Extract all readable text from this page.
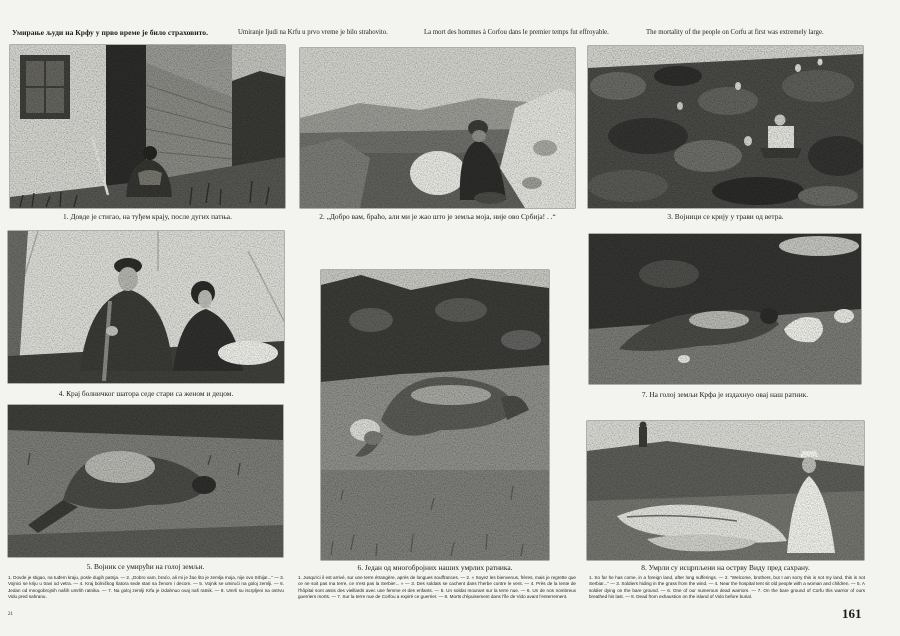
Умирање људи на Крфу у прво време је било страховито.	Umiranje ljudi na Krfu u prvo vreme je bilo strahovito.	La mort des hommes à Corfou dans le premier temps fut effroyable.	The mortality of the people on Corfu at first was extremely large.
1. Довде је стигао, на туђем крају, после дугих патња.	2. „Добро вам, браћо, али ми је жао што је земља моја, није ово Србија! . .“	3. Војници се крију у трави од ветра.
4. Крај болничког шатора седе стари са женом и децом.
5. Војник се умирући на голој земљи.	6. Један од многобројних наших умрлих ратника.
7. На голој земљи Крфа је издахнуо овај наш ратник.
8. Умрли су исцрпљени на острву Виду пред сахрану.
1. Dovde je stigao, na tuđem kraju, posle dugih patnja. — 2. „Dobro vam, braćo, ali mi je žao što je zemlja moja, nije ovo Srbija!...“ — 3. Vojnici se kriju u travi od vetra. — 4. Kraj bolničkog šatora sede stari sa ženom i decom. — 5. Vojnik se umirući na goloj zemlji. — 6. Jedan od mnogobrojnih naših umrlih ratnika. — 7. Na goloj zemlji Krfa je izdahnuo ovaj naš ratnik. — 8. Umrli su iscrpljeni na ostrvu Vidu pred sahranu.
1. Jusqu'ici il est arrivé, sur une terre étrangère, après de longues souffrances. — 2. « Soyez les bienvenus, frères, mais je regrette que ce ne soit pas ma terre, ce n'est pas la Serbie!... » — 3. Des soldats se cachent dans l'herbe contre le vent. — 4. Près de la tente de l'hôpital sont assis des vieillards avec une femme et des enfants. — 5. Un soldat mourant sur la terre nue. — 6. Un de nos nombreux guerriers morts. — 7. Sur la terre nue de Corfou a expiré ce guerrier. — 8. Morts d'épuisement dans l'île de Vido avant l'enterrement.
1. So far he has come, in a foreign land, after long sufferings. — 2. “Welcome, brothers, but I am sorry this is not my land, this is not Serbia!...” — 3. Soldiers hiding in the grass from the wind. — 4. Near the hospital tent sit old people with a woman and children. — 5. A soldier dying on the bare ground. — 6. One of our numerous dead warriors. — 7. On the bare ground of Corfu this warrior of ours breathed his last. — 8. Dead from exhaustion on the island of Vido before burial.
21	161
